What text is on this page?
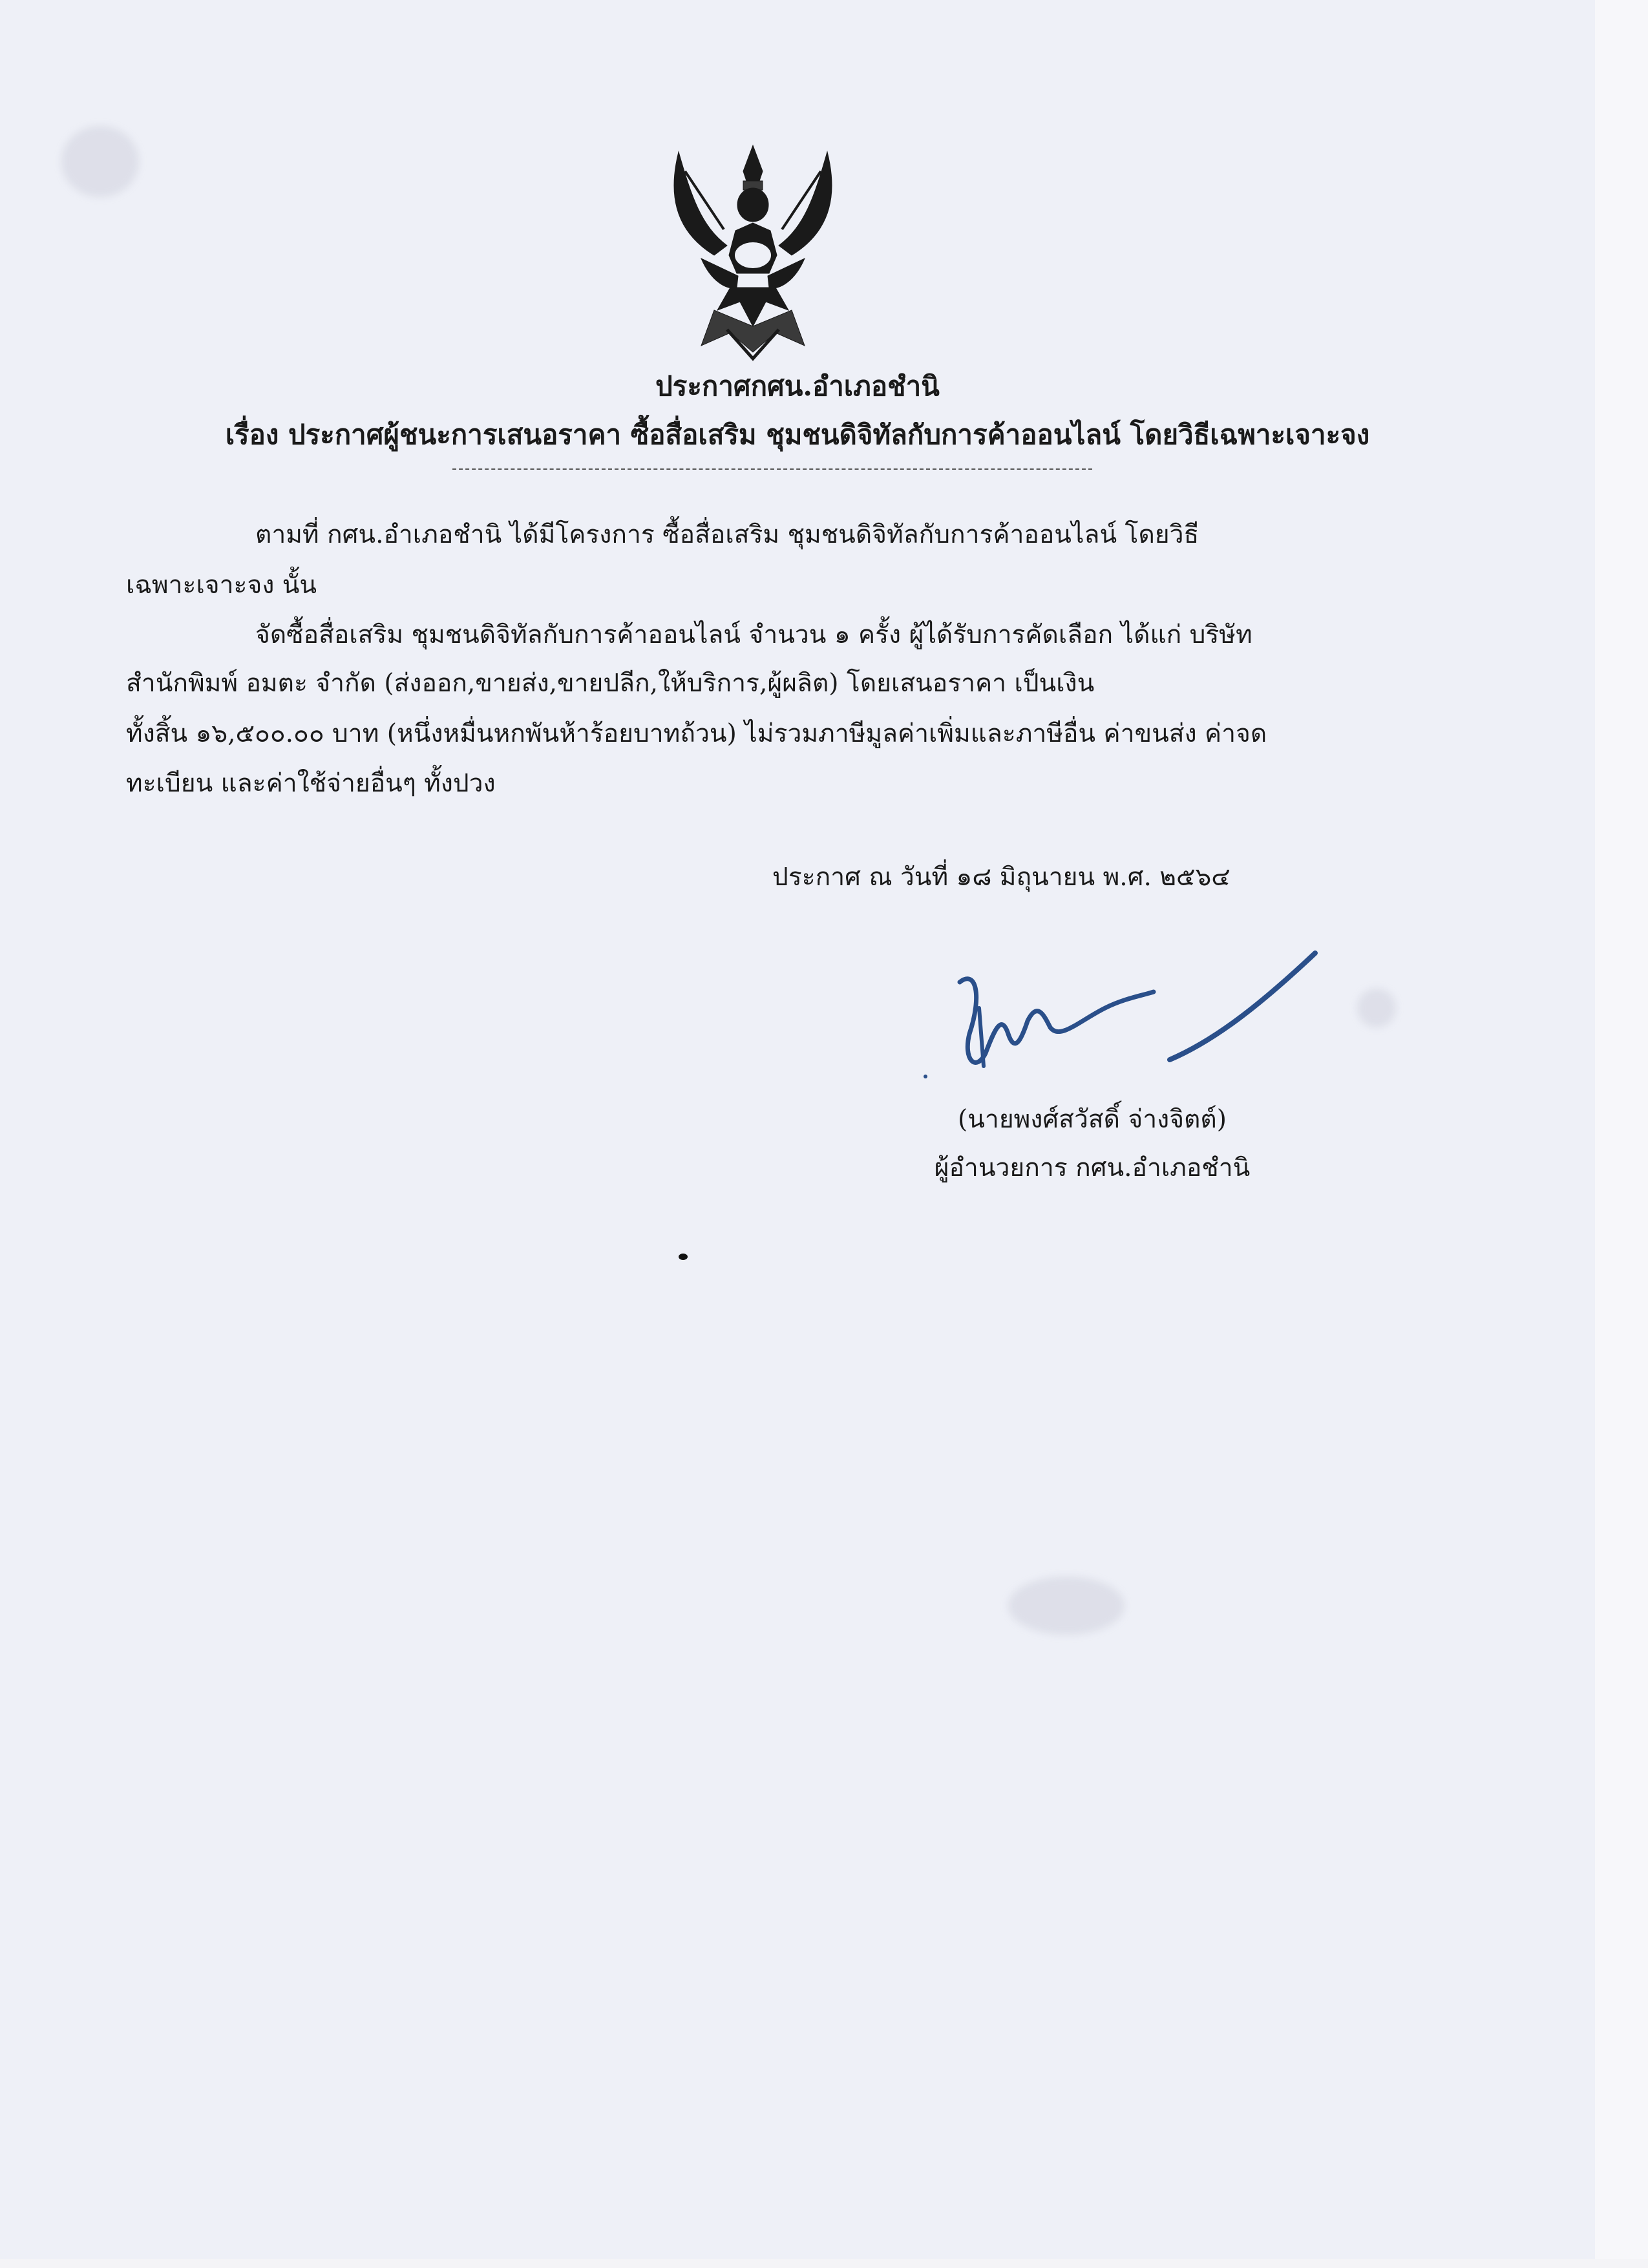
ประกาศกศน.อำเภอชำนิ
เรื่อง ประกาศผู้ชนะการเสนอราคา ซื้อสื่อเสริม ชุมชนดิจิทัลกับการค้าออนไลน์ โดยวิธีเฉพาะเจาะจง
ตามที่ กศน.อำเภอชำนิ ได้มีโครงการ ซื้อสื่อเสริม ชุมชนดิจิทัลกับการค้าออนไลน์ โดยวิธี
เฉพาะเจาะจง นั้น
จัดซื้อสื่อเสริม ชุมชนดิจิทัลกับการค้าออนไลน์ จำนวน ๑ ครั้ง ผู้ได้รับการคัดเลือก ได้แก่ บริษัท
สำนักพิมพ์ อมตะ จำกัด (ส่งออก,ขายส่ง,ขายปลีก,ให้บริการ,ผู้ผลิต) โดยเสนอราคา เป็นเงิน
ทั้งสิ้น ๑๖,๕๐๐.๐๐ บาท (หนึ่งหมื่นหกพันห้าร้อยบาทถ้วน) ไม่รวมภาษีมูลค่าเพิ่มและภาษีอื่น ค่าขนส่ง ค่าจด
ทะเบียน และค่าใช้จ่ายอื่นๆ ทั้งปวง
ประกาศ ณ วันที่ ๑๘ มิถุนายน พ.ศ. ๒๕๖๔
(นายพงศ์สวัสดิ์ จ่างจิตต์)
ผู้อำนวยการ กศน.อำเภอชำนิ
